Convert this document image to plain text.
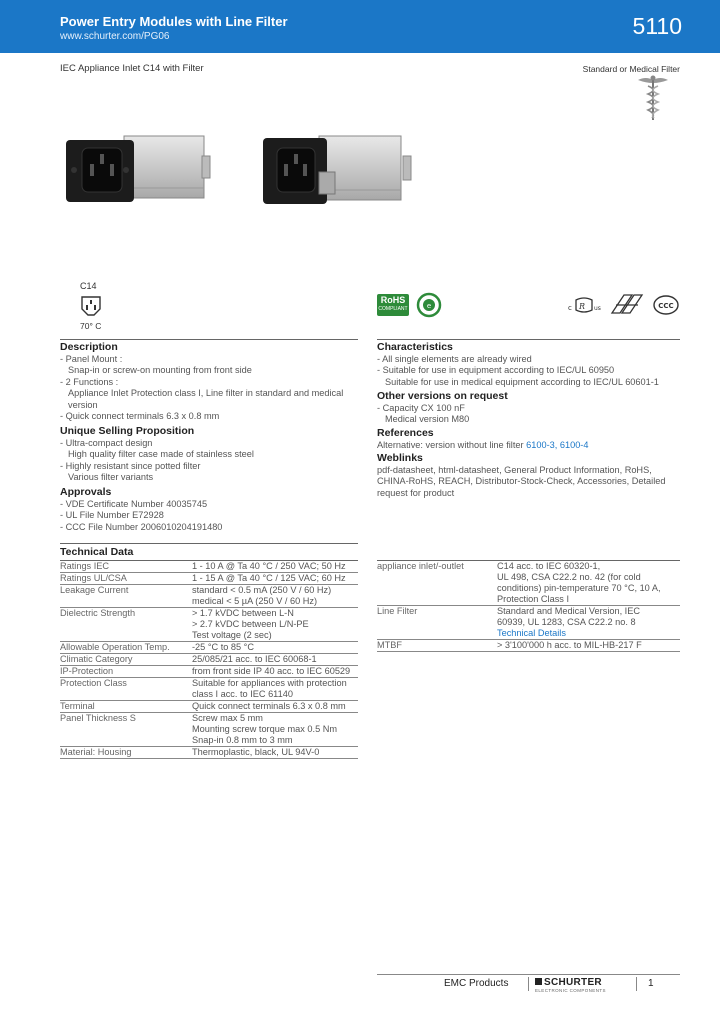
Power Entry Modules with Line Filter
www.schurter.com/PG06	5110
IEC Appliance Inlet C14 with Filter	Standard or Medical Filter
C14
70° C
RoHS
COMPLIANT	e	c R us	CCC
Description
- Panel Mount :
Snap-in or screw-on mounting from front side
- 2 Functions :
Appliance Inlet Protection class I, Line filter in standard and medical
version
- Quick connect terminals 6.3 x 0.8 mm
Unique Selling Proposition
- Ultra-compact design
High quality filter case made of stainless steel
- Highly resistant since potted filter
Various filter variants
Approvals
- VDE Certificate Number 40035745
- UL File Number E72928
- CCC File Number 2006010204191480
Characteristics
- All single elements are already wired
- Suitable for use in equipment according to IEC/UL 60950
Suitable for use in medical equipment according to IEC/UL 60601-1
Other versions on request
- Capacity CX 100 nF
Medical version M80
References
Alternative: version without line filter 6100-3, 6100-4
Weblinks
pdf-datasheet, html-datasheet, General Product Information, RoHS,
CHINA-RoHS, REACH, Distributor-Stock-Check, Accessories, Detailed
request for product
Technical Data
Ratings IEC	1 - 10 A @ Ta 40 °C / 250 VAC; 50 Hz
Ratings UL/CSA	1 - 15 A @ Ta 40 °C / 125 VAC; 60 Hz
Leakage Current	standard < 0.5 mA (250 V / 60 Hz)
medical < 5 µA (250 V / 60 Hz)
Dielectric Strength	> 1.7 kVDC between L-N
> 2.7 kVDC between L/N-PE
Test voltage (2 sec)
Allowable Operation Temp.	-25 °C to 85 °C
Climatic Category	25/085/21 acc. to IEC 60068-1
IP-Protection	from front side IP 40 acc. to IEC 60529
Protection Class	Suitable for appliances with protection
class I acc. to IEC 61140
Terminal	Quick connect terminals 6.3 x 0.8 mm
Panel Thickness S	Screw max 5 mm
Mounting screw torque max 0.5 Nm
Snap-in 0.8 mm to 3 mm
Material: Housing	Thermoplastic, black, UL 94V-0
appliance inlet/-outlet	C14 acc. to IEC 60320-1,
UL 498, CSA C22.2 no. 42 (for cold
conditions) pin-temperature 70 °C, 10 A,
Protection Class I
Line Filter	Standard and Medical Version, IEC
60939, UL 1283, CSA C22.2 no. 8
Technical Details
MTBF	> 3'100'000 h acc. to MIL-HB-217 F
EMC Products	SCHURTER
ELECTRONIC COMPONENTS
1
